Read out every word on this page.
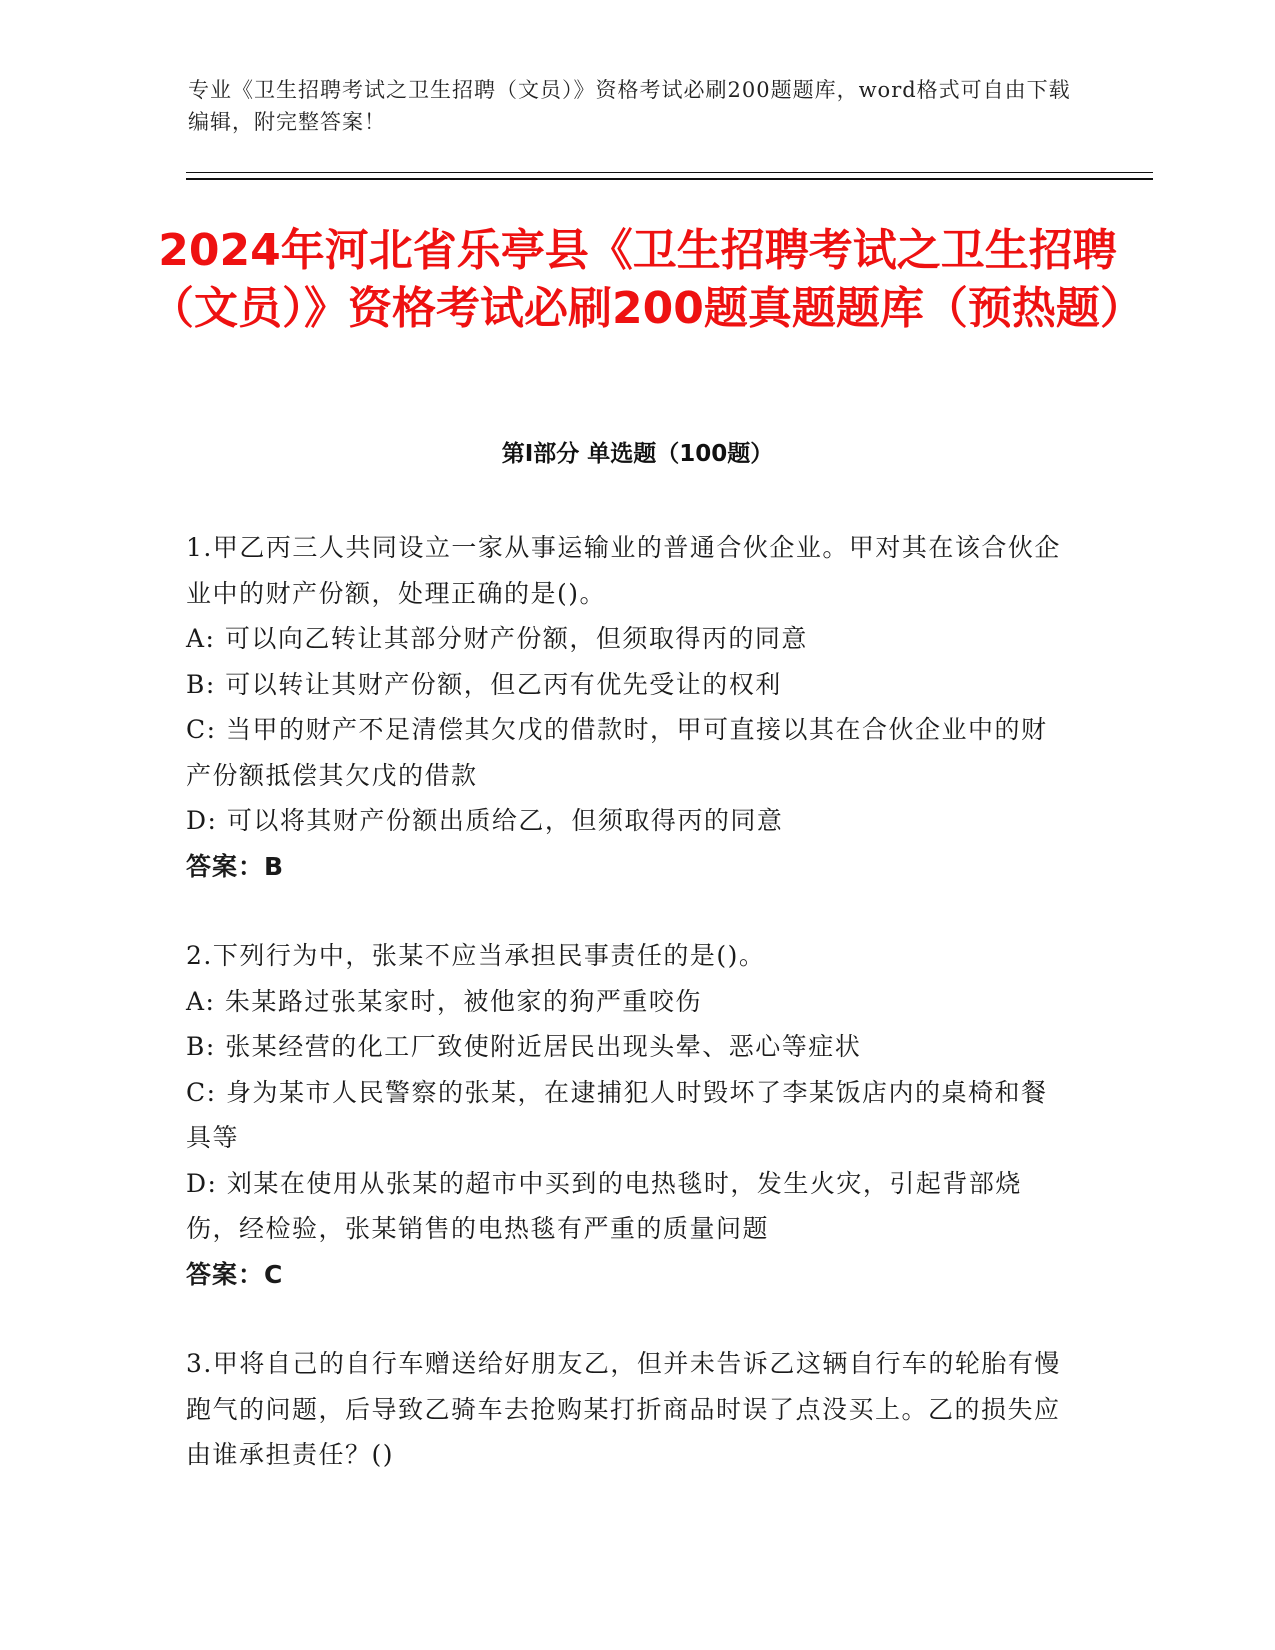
专业《卫生招聘考试之卫生招聘（文员）》资格考试必刷200题题库，word格式可自由下载编辑，附完整答案！
2024年河北省乐亭县《卫生招聘考试之卫生招聘（文员）》资格考试必刷200题真题题库（预热题）
第Ⅰ部分 单选题（100题）

1.甲乙丙三人共同设立一家从事运输业的普通合伙企业。甲对其在该合伙企业中的财产份额，处理正确的是()。

A: 可以向乙转让其部分财产份额，但须取得丙的同意

B: 可以转让其财产份额，但乙丙有优先受让的权利

C: 当甲的财产不足清偿其欠戊的借款时，甲可直接以其在合伙企业中的财产份额抵偿其欠戊的借款

D: 可以将其财产份额出质给乙，但须取得丙的同意

答案：B

2.下列行为中，张某不应当承担民事责任的是()。

A: 朱某路过张某家时，被他家的狗严重咬伤

B: 张某经营的化工厂致使附近居民出现头晕、恶心等症状

C: 身为某市人民警察的张某，在逮捕犯人时毁坏了李某饭店内的桌椅和餐具等

D: 刘某在使用从张某的超市中买到的电热毯时，发生火灾，引起背部烧伤，经检验，张某销售的电热毯有严重的质量问题

答案：C

3.甲将自己的自行车赠送给好朋友乙，但并未告诉乙这辆自行车的轮胎有慢跑气的问题，后导致乙骑车去抢购某打折商品时误了点没买上。乙的损失应由谁承担责任？()
